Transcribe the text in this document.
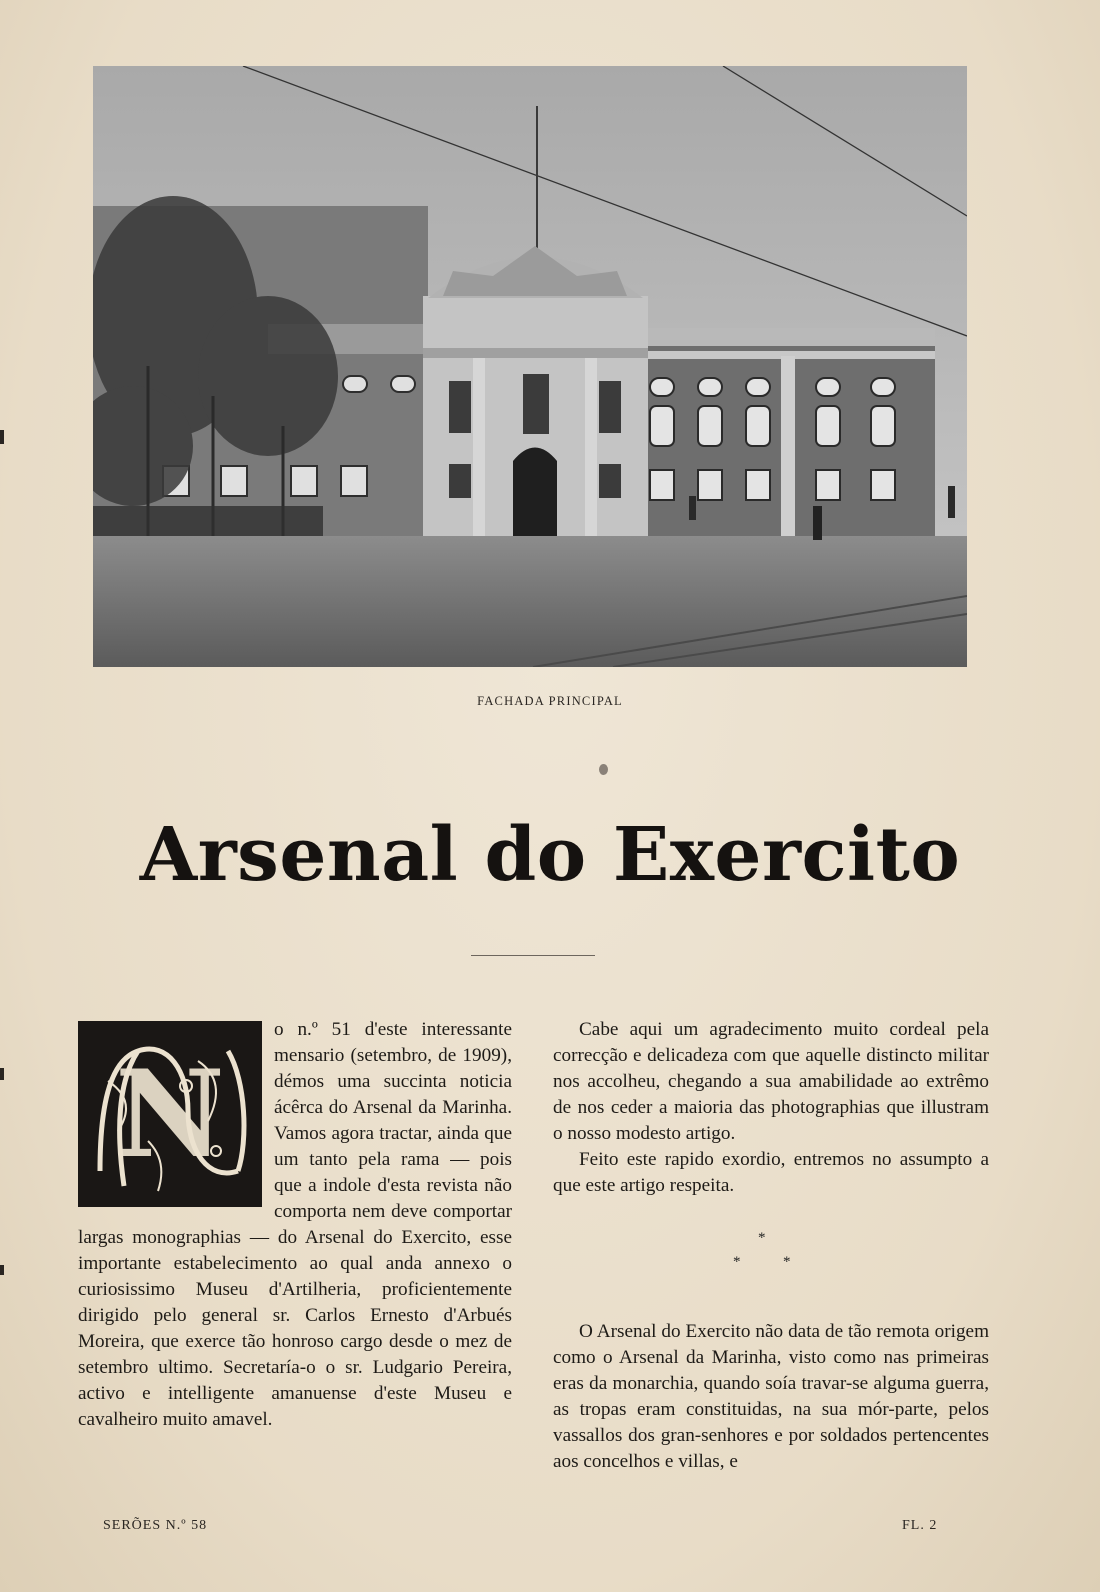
FACHADA PRINCIPAL
Arsenal do Exercito
N

o n.º 51 d'este interessante mensario (setembro, de 1909), démos uma succinta noticia ácêrca do Arsenal da Marinha. Vamos agora tractar, ainda que um tanto pela rama — pois que a indole d'esta revista não comporta nem deve comportar largas monographias — do Arsenal do Exercito, esse importante estabelecimento ao qual anda annexo o curiosissimo Museu d'Artilheria, proficientemente dirigido pelo general sr. Carlos Ernesto d'Arbués Moreira, que exerce tão honroso cargo desde o mez de setembro ultimo. Secretaría-o o sr. Ludgario Pereira, activo e intelligente amanuense d'este Museu e cavalheiro muito amavel.

Cabe aqui um agradecimento muito cordeal pela correcção e delicadeza com que aquelle distincto militar nos accolheu, chegando a sua amabilidade ao extrêmo de nos ceder a maioria das photographias que illustram o nosso modesto artigo.

Feito este rapido exordio, entremos no assumpto a que este artigo respeita.

*
*	*

O Arsenal do Exercito não data de tão remota origem como o Arsenal da Marinha, visto como nas primeiras eras da monarchia, quando soía travar-se alguma guerra, as tropas eram constituidas, na sua mór-parte, pelos vassallos dos gran-senhores e por soldados pertencentes aos concelhos e villas, e

SERÕES N.º 58	FL. 2
